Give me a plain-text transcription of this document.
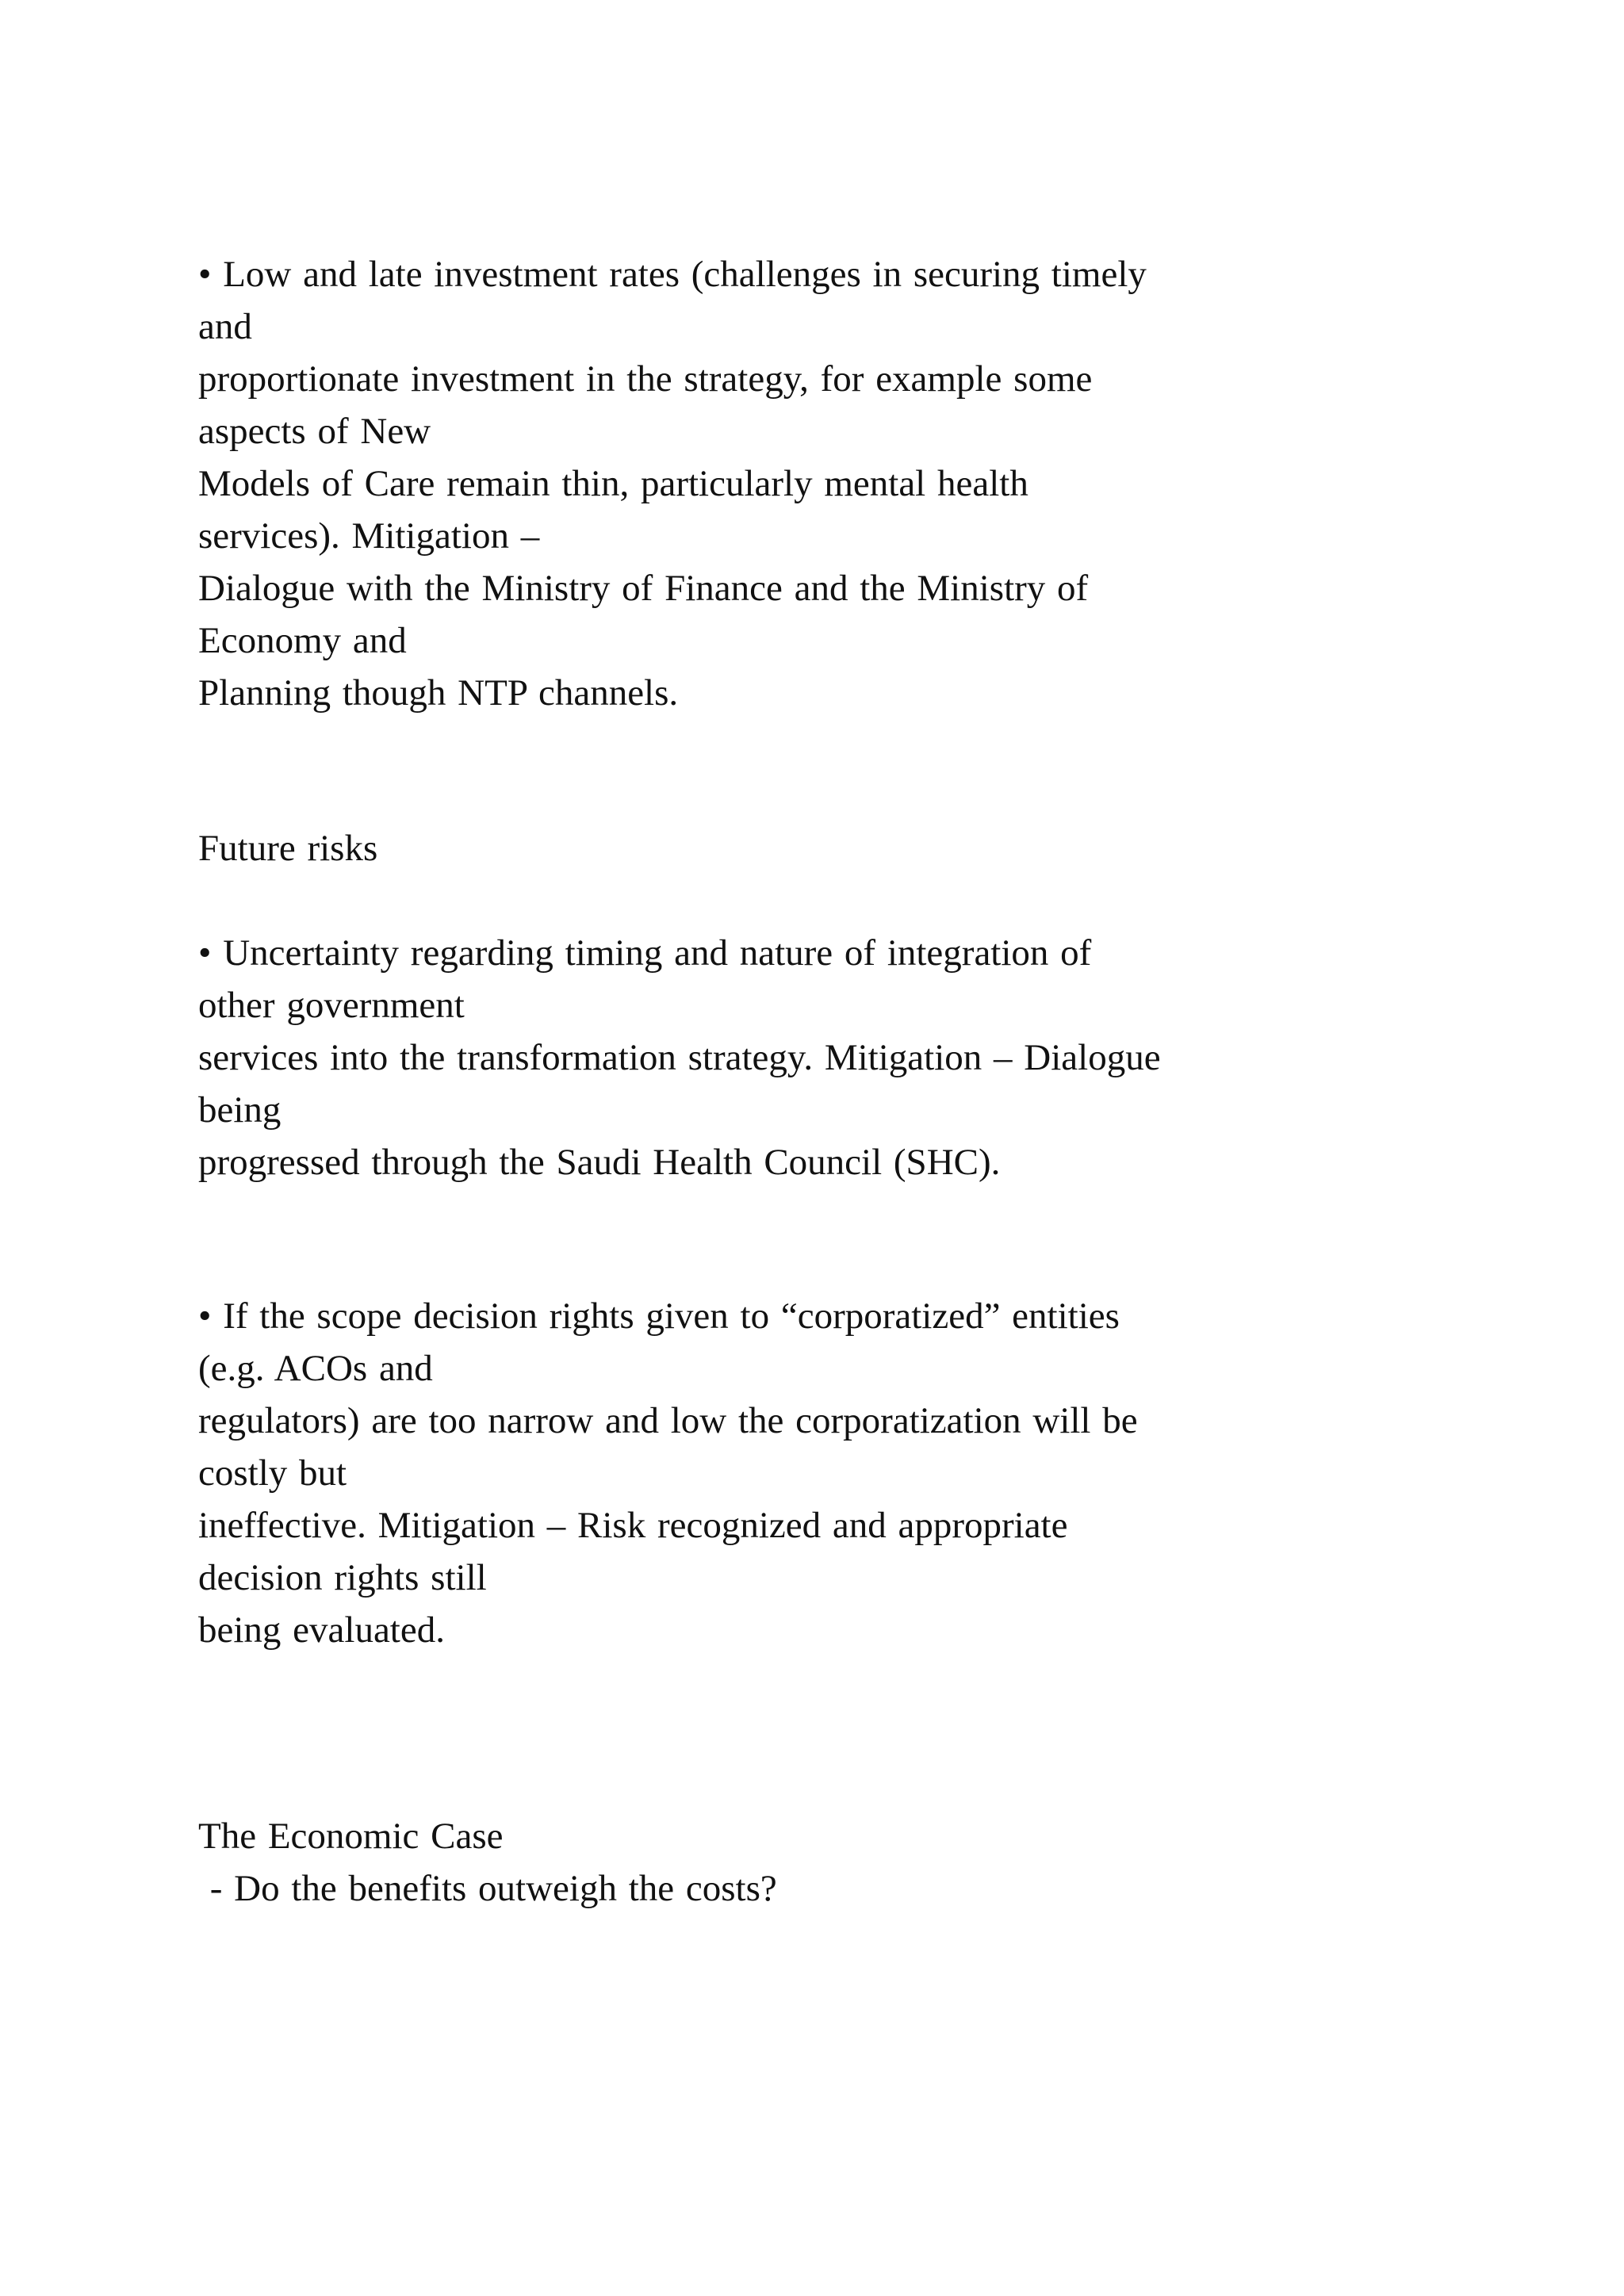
• Low and late investment rates (challenges in securing timely

and

proportionate investment in the strategy, for example some

aspects of New

Models of Care remain thin, particularly mental health

services). Mitigation –

Dialogue with the Ministry of Finance and the Ministry of

Economy and

Planning though NTP channels.

Future risks

• Uncertainty regarding timing and nature of integration of

other government

services into the transformation strategy. Mitigation – Dialogue

being

progressed through the Saudi Health Council (SHC).

• If the scope decision rights given to “corporatized” entities

(e.g. ACOs and

regulators) are too narrow and low the corporatization will be

costly but

ineffective. Mitigation – Risk recognized and appropriate

decision rights still

being evaluated.

The Economic Case

- Do the benefits outweigh the costs?
